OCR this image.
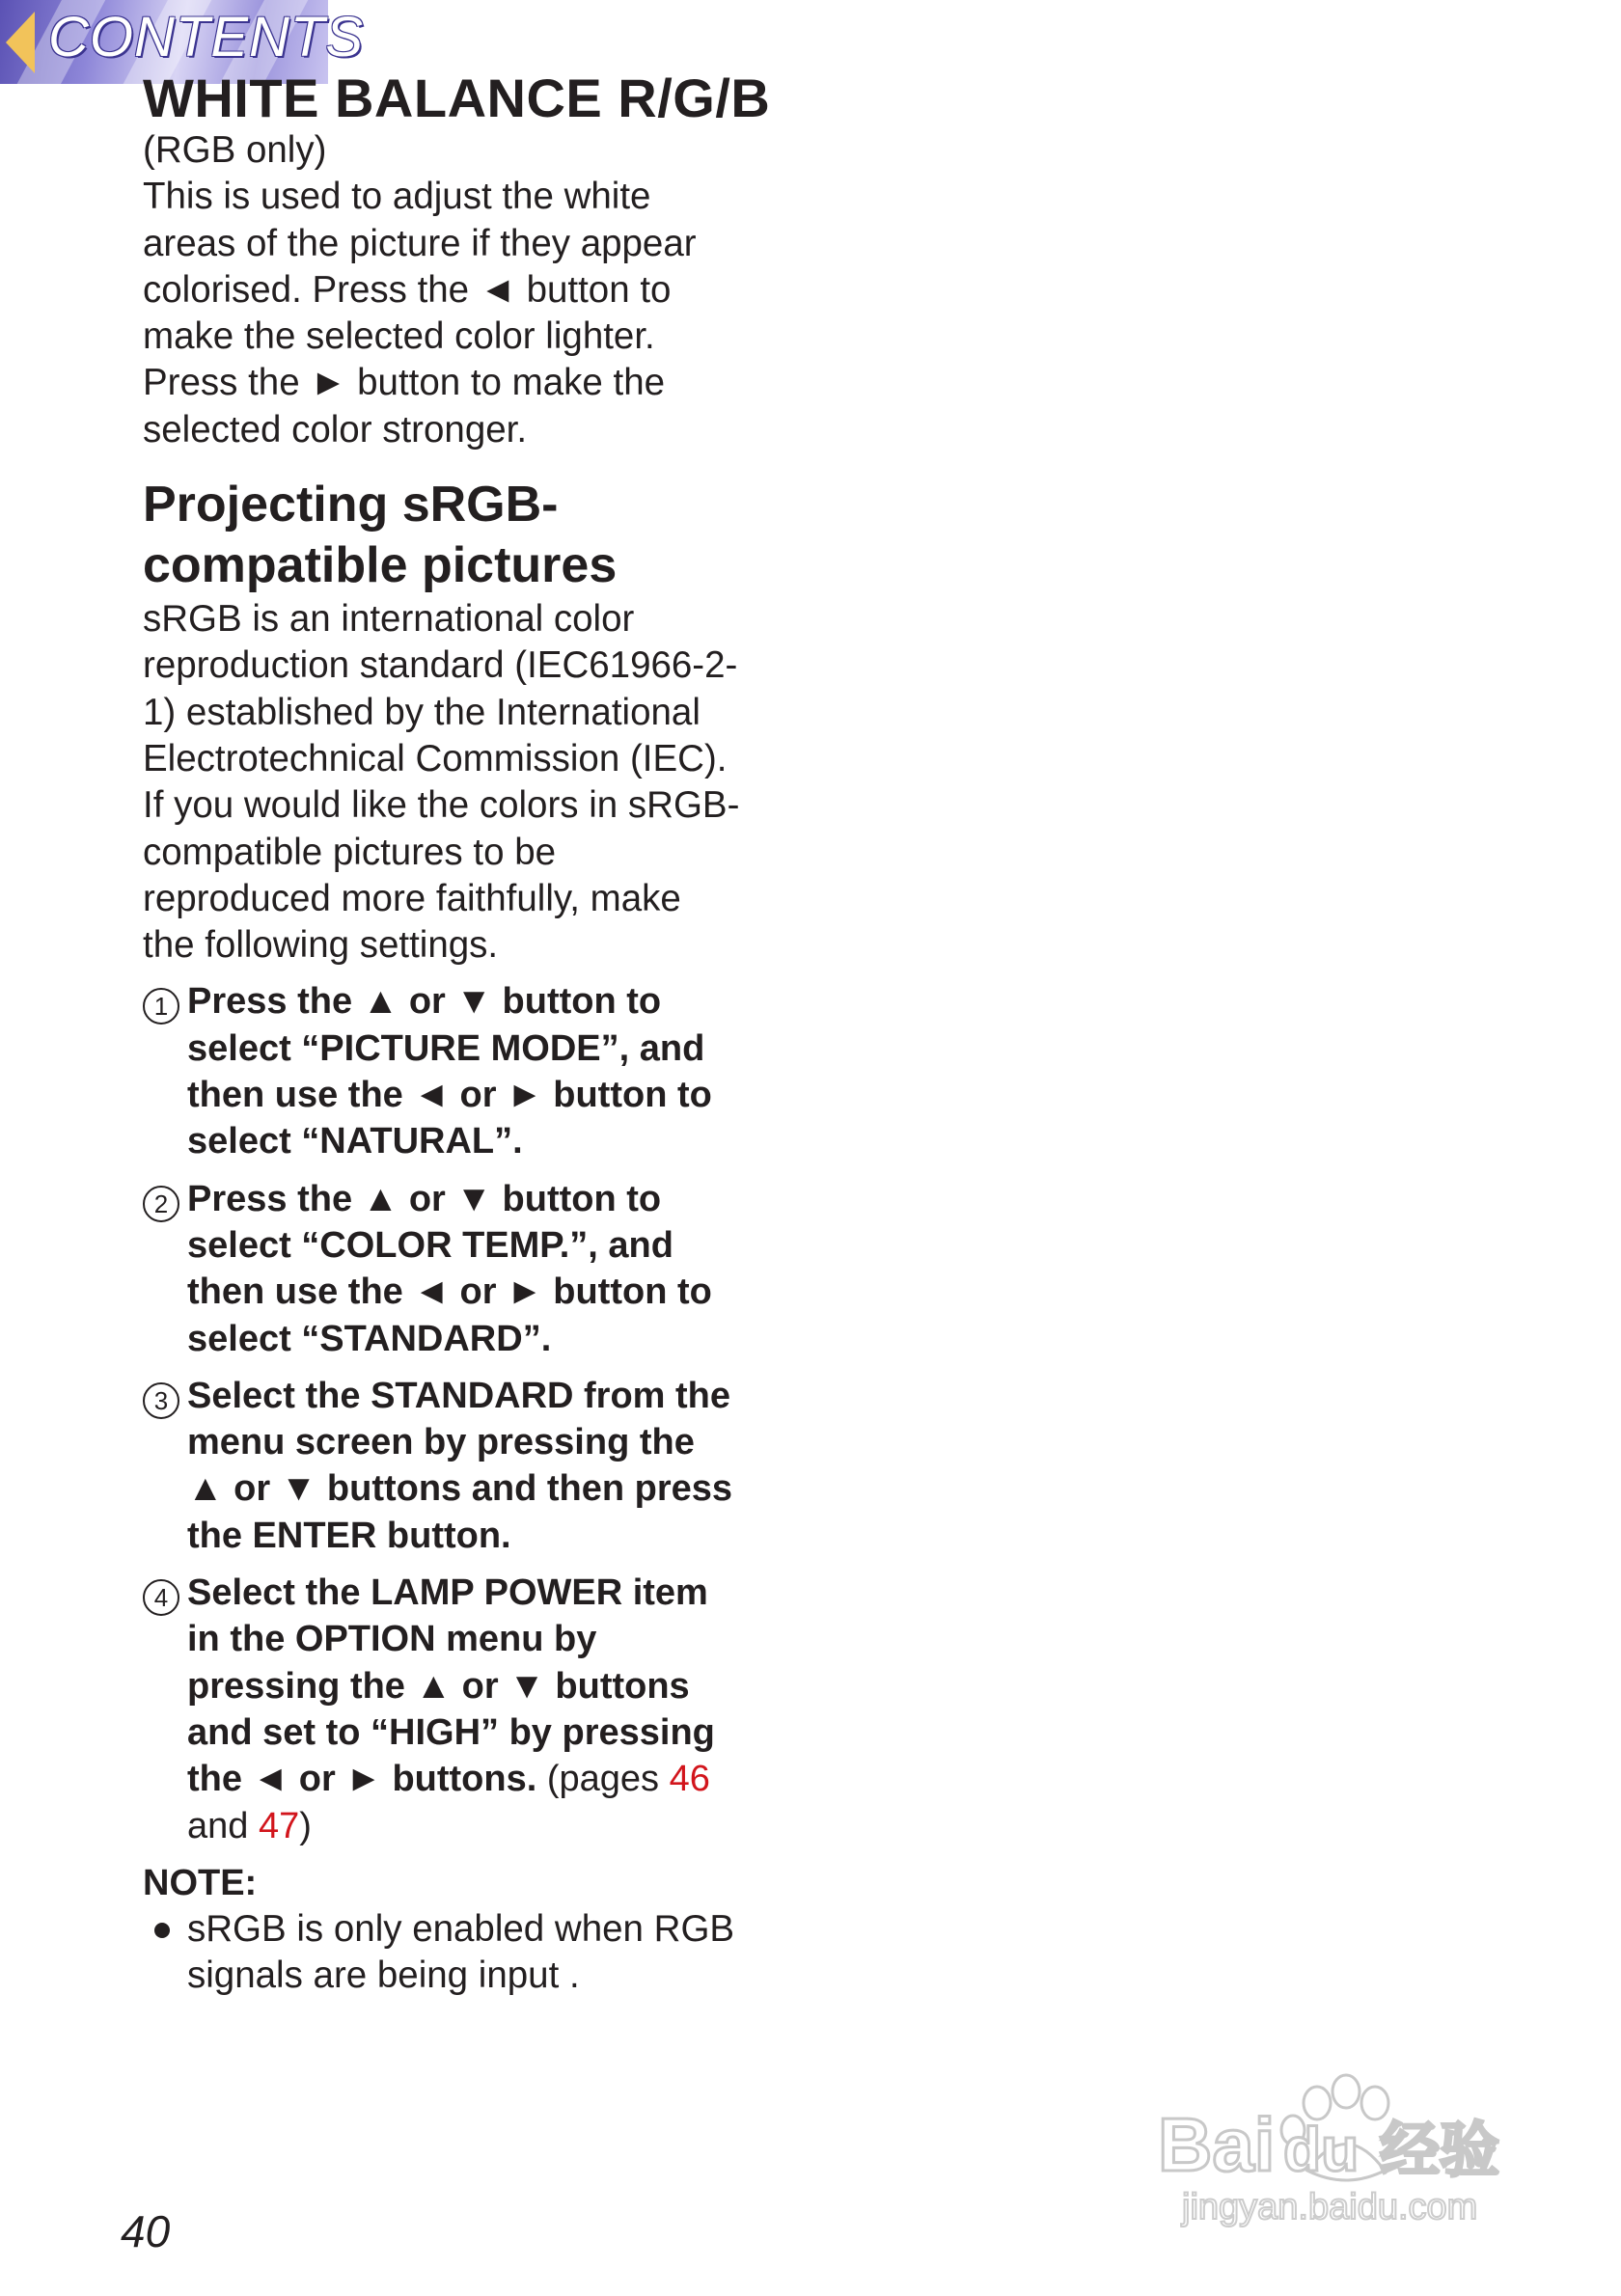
CONTENTS
WHITE BALANCE R/G/B

(RGB only)

This is used to adjust the white
areas of the picture if they appear
colorised. Press the ◄ button to
make the selected color lighter.
Press the ► button to make the
selected color stronger.

Projecting sRGB-
compatible pictures

sRGB is an international color
reproduction standard (IEC61966-2-
1) established by the International
Electrotechnical Commission (IEC).
If you would like the colors in sRGB-
compatible pictures to be
reproduced more faithfully, make
the following settings.

1 Press the ▲ or ▼ button to
select “PICTURE MODE”, and
then use the ◄ or ► button to
select “NATURAL”.
2 Press the ▲ or ▼ button to
select “COLOR TEMP.”, and
then use the ◄ or ► button to
select “STANDARD”.
3 Select the STANDARD from the
menu screen by pressing the
▲ or ▼ buttons and then press
the ENTER button.
4 Select the LAMP POWER item
in the OPTION menu by
pressing the ▲ or ▼ buttons
and set to “HIGH” by pressing
the ◄ or ► buttons. (pages 46
and 47)
NOTE:
sRGB is only enabled when RGB
signals are being input .
40
Bai du 经验
jingyan.baidu.com
